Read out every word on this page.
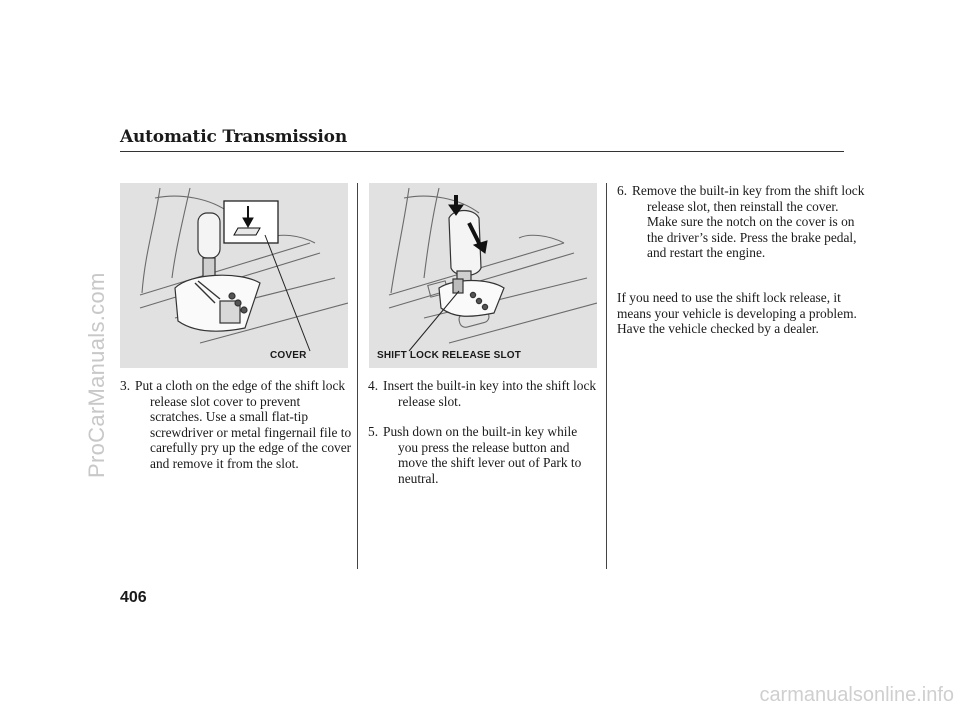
ProCarManuals.com
carmanualsonline.info
Automatic Transmission
COVER	SHIFT LOCK RELEASE SLOT
3. Put a cloth on the edge of the shift lock release slot cover to prevent scratches. Use a small flat-tip screwdriver or metal fingernail file to carefully pry up the edge of the cover and remove it from the slot.
4. Insert the built-in key into the shift lock release slot.
5. Push down on the built-in key while you press the release button and move the shift lever out of Park to neutral.
6. Remove the built-in key from the shift lock release slot, then reinstall the cover. Make sure the notch on the cover is on the driver’s side. Press the brake pedal, and restart the engine.
If you need to use the shift lock release, it means your vehicle is developing a problem. Have the vehicle checked by a dealer.
406
